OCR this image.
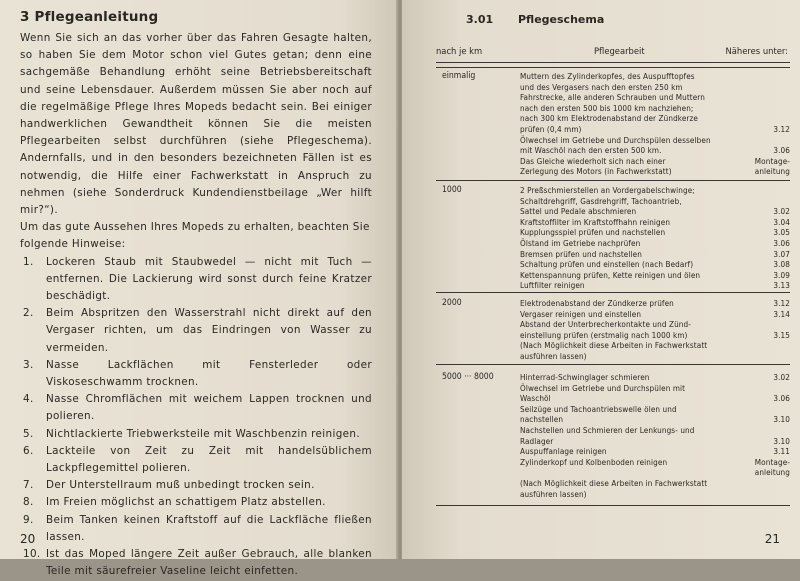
3 Pflegeanleitung

Wenn Sie sich an das vorher über das Fahren Gesagte halten, so haben Sie dem Motor schon viel Gutes getan; denn eine sachgemäße Behandlung erhöht seine Betriebsbereitschaft und seine Lebensdauer. Außerdem müssen Sie aber noch auf die regelmäßige Pflege Ihres Mopeds bedacht sein. Bei einiger handwerklichen Gewandtheit können Sie die meisten Pflegearbeiten selbst durchführen (siehe Pflegeschema). Andernfalls, und in den besonders bezeichneten Fällen ist es notwendig, die Hilfe einer Fachwerkstatt in Anspruch zu nehmen (siehe Sonderdruck Kundendienstbeilage „Wer hilft mir?“).

Um das gute Aussehen Ihres Mopeds zu erhalten, beachten Sie folgende Hinweise:

1.	Lockeren Staub mit Staubwedel — nicht mit Tuch — entfernen. Die Lackierung wird sonst durch feine Kratzer beschädigt.
2.	Beim Abspritzen den Wasserstrahl nicht direkt auf den Vergaser richten, um das Eindringen von Wasser zu vermeiden.
3.	Nasse Lackflächen mit Fensterleder oder Viskoseschwamm trocknen.
4.	Nasse Chromflächen mit weichem Lappen trocknen und polieren.
5.	Nichtlackierte Triebwerksteile mit Waschbenzin reinigen.
6.	Lackteile von Zeit zu Zeit mit handelsüblichem Lackpflegemittel polieren.
7.	Der Unterstellraum muß unbedingt trocken sein.
8.	Im Freien möglichst an schattigem Platz abstellen.
9.	Beim Tanken keinen Kraftstoff auf die Lackfläche fließen lassen.
10. Ist das Moped längere Zeit außer Gebrauch, alle blanken Teile mit säurefreier Vaseline leicht einfetten.
20
3.01 Pflegeschema
nach je km	Pflegearbeit	Näheres unter:
einmalig	Muttern des Zylinderkopfes, des Auspufftopfes
und des Vergasers nach den ersten 250 km
Fahrstrecke, alle anderen Schrauben und Muttern
nach den ersten 500 bis 1000 km nachziehen;
nach 300 km Elektrodenabstand der Zündkerze
prüfen (0,4 mm)	3.12
Ölwechsel im Getriebe und Durchspülen desselben
mit Waschöl nach den ersten 500 km.	3.06
Das Gleiche wiederholt sich nach einer	Montage-
Zerlegung des Motors (in Fachwerkstatt)	anleitung
1000	2 Preßschmierstellen an Vordergabelschwinge;
Schaltdrehgriff, Gasdrehgriff, Tachoantrieb,
Sattel und Pedale abschmieren	3.02
Kraftstoffilter im Kraftstoffhahn reinigen	3.04
Kupplungsspiel prüfen und nachstellen	3.05
Ölstand im Getriebe nachprüfen	3.06
Bremsen prüfen und nachstellen	3.07
Schaltung prüfen und einstellen (nach Bedarf)	3.08
Kettenspannung prüfen, Kette reinigen und ölen	3.09
Luftfilter reinigen	3.13
2000	Elektrodenabstand der Zündkerze prüfen	3.12
Vergaser reinigen und einstellen	3.14
Abstand der Unterbrecherkontakte und Zünd-
einstellung prüfen (erstmalig nach 1000 km)	3.15
(Nach Möglichkeit diese Arbeiten in Fachwerkstatt
ausführen lassen)
5000 ··· 8000	Hinterrad-Schwinglager schmieren	3.02
Ölwechsel im Getriebe und Durchspülen mit
Waschöl	3.06
Seilzüge und Tachoantriebswelle ölen und
nachstellen	3.10
Nachstellen und Schmieren der Lenkungs- und
Radlager	3.10
Auspuffanlage reinigen	3.11
Zylinderkopf und Kolbenboden reinigen	Montage-
anleitung
(Nach Möglichkeit diese Arbeiten in Fachwerkstatt
ausführen lassen)
21
